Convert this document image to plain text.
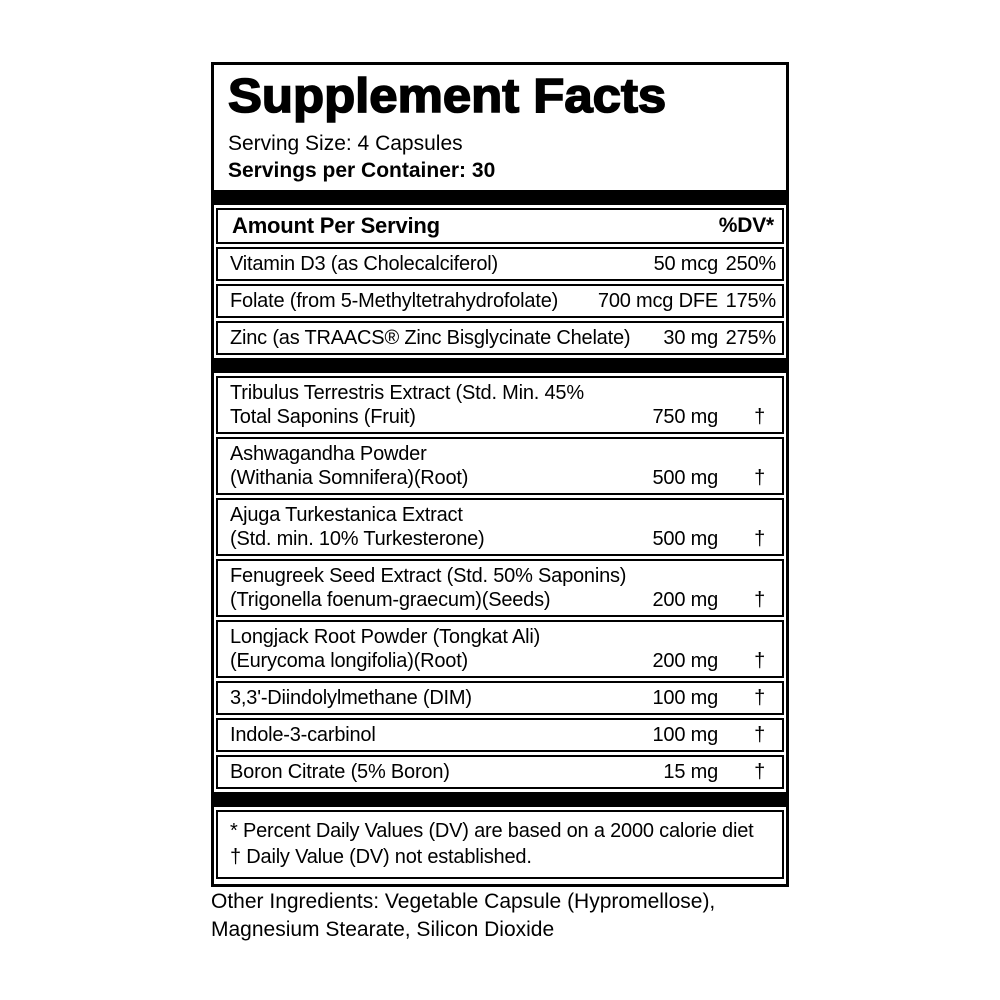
Supplement Facts
Serving Size: 4 Capsules
Servings per Container: 30
Amount Per Serving	%DV*
Vitamin D3 (as Cholecalciferol)	50 mcg 250%
Folate (from 5-Methyltetrahydrofolate)	700 mcg DFE 175%
Zinc (as TRAACS® Zinc Bisglycinate Chelate)	30 mg 275%
Tribulus Terrestris Extract (Std. Min. 45%
Total Saponins (Fruit)	750 mg	†
Ashwagandha Powder
(Withania Somnifera)(Root)	500 mg	†
Ajuga Turkestanica Extract
(Std. min. 10% Turkesterone)	500 mg	†
Fenugreek Seed Extract (Std. 50% Saponins)
(Trigonella foenum-graecum)(Seeds)	200 mg	†
Longjack Root Powder (Tongkat Ali)
(Eurycoma longifolia)(Root)	200 mg	†
3,3'-Diindolylmethane (DIM)	100 mg	†
Indole-3-carbinol	100 mg	†
Boron Citrate (5% Boron)	15 mg	†
* Percent Daily Values (DV) are based on a 2000 calorie diet
† Daily Value (DV) not established.
Other Ingredients: Vegetable Capsule (Hypromellose),
Magnesium Stearate, Silicon Dioxide
